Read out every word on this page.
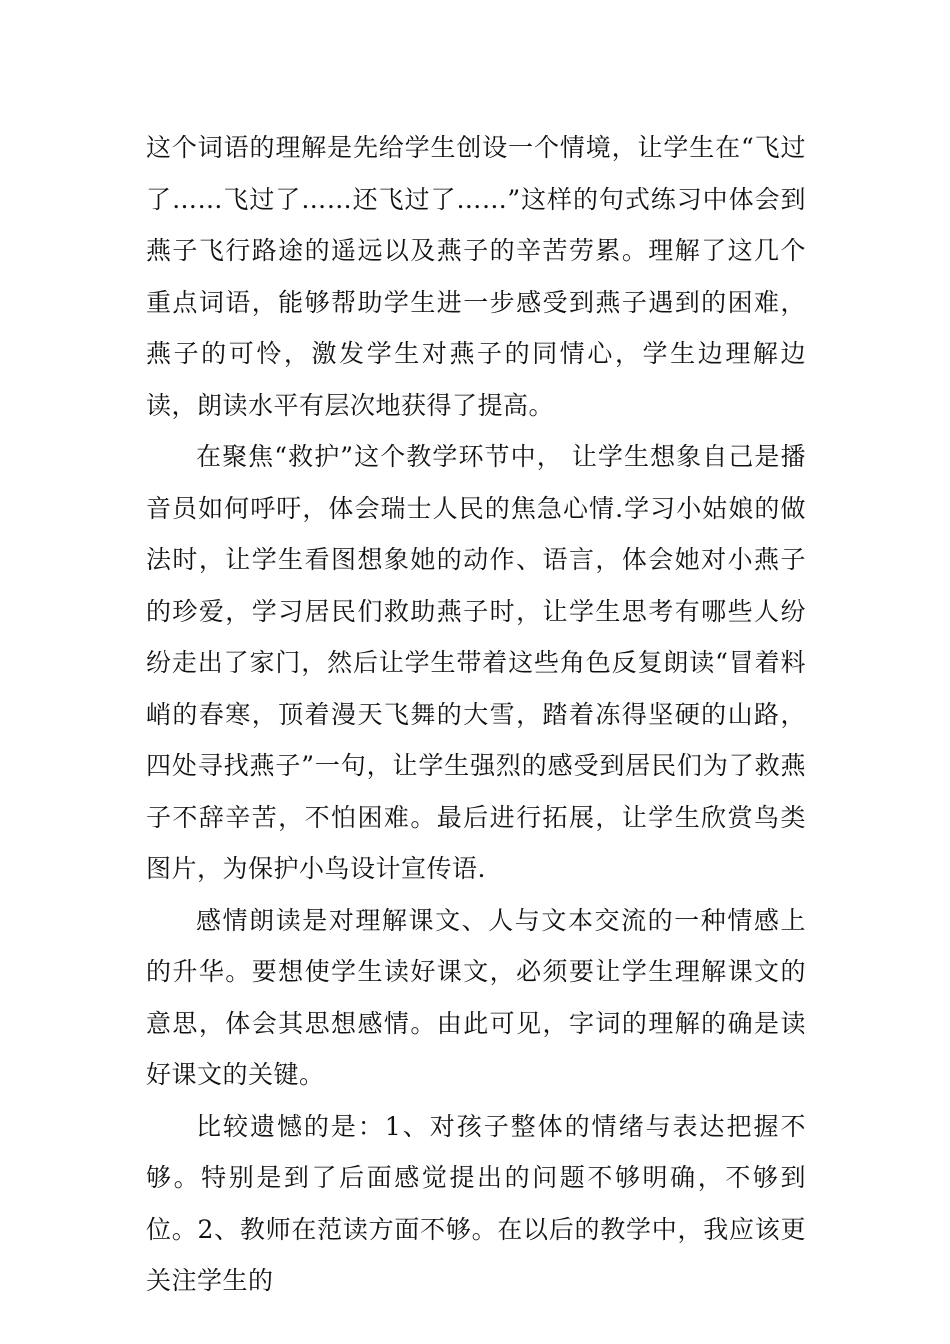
这个词语的理解是先给学生创设一个情境，让学生在“飞过了……飞过了……还飞过了……”这样的句式练习中体会到燕子飞行路途的遥远以及燕子的辛苦劳累。理解了这几个重点词语，能够帮助学生进一步感受到燕子遇到的困难，燕子的可怜，激发学生对燕子的同情心，学生边理解边读，朗读水平有层次地获得了提高。

在聚焦“救护”这个教学环节中， 让学生想象自己是播音员如何呼吁，体会瑞士人民的焦急心情.学习小姑娘的做法时，让学生看图想象她的动作、语言，体会她对小燕子的珍爱，学习居民们救助燕子时，让学生思考有哪些人纷纷走出了家门，然后让学生带着这些角色反复朗读“冒着料峭的春寒，顶着漫天飞舞的大雪，踏着冻得坚硬的山路，四处寻找燕子”一句，让学生强烈的感受到居民们为了救燕子不辞辛苦，不怕困难。最后进行拓展，让学生欣赏鸟类图片，为保护小鸟设计宣传语.

感情朗读是对理解课文、人与文本交流的一种情感上的升华。要想使学生读好课文，必须要让学生理解课文的意思，体会其思想感情。由此可见，字词的理解的确是读好课文的关键。

比较遗憾的是：1、对孩子整体的情绪与表达把握不够。特别是到了后面感觉提出的问题不够明确，不够到位。2、教师在范读方面不够。在以后的教学中，我应该更关注学生的
